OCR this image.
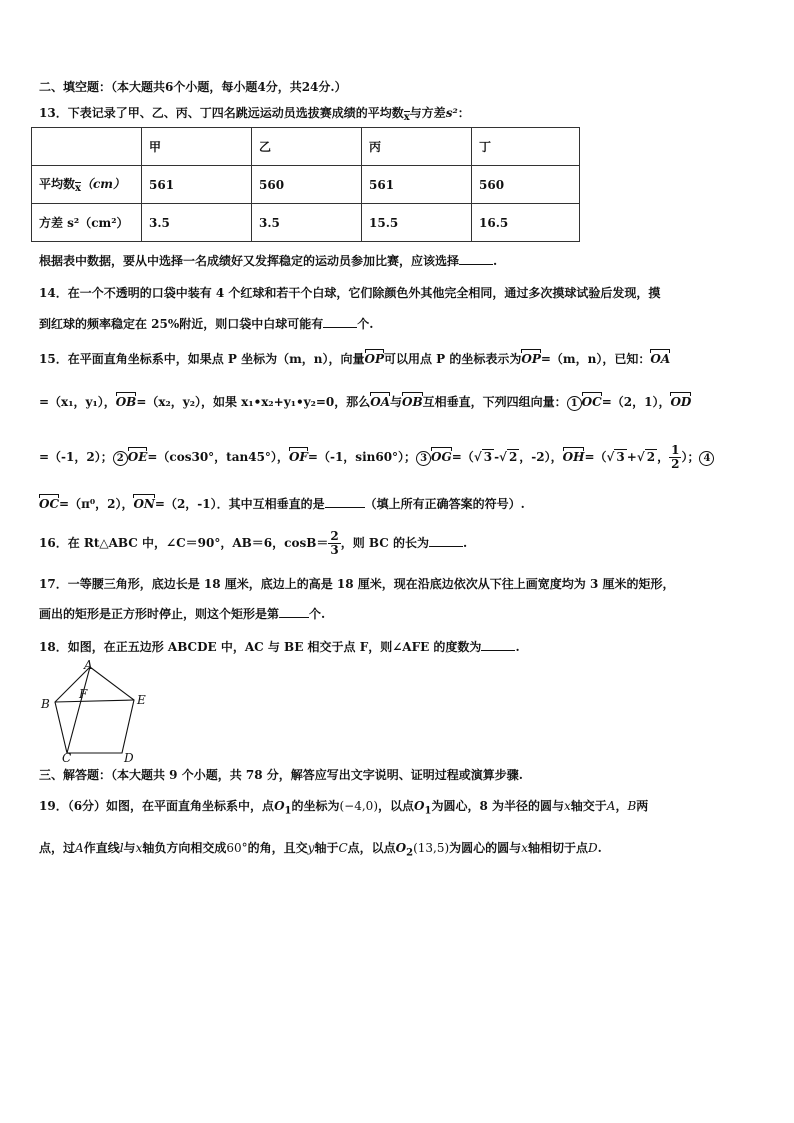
二、填空题：（本大题共6个小题，每小题4分，共24分.）
13．下表记录了甲、乙、丙、丁四名跳远运动员选拔赛成绩的平均数x与方差s²：
	甲	乙	丙	丁
平均数x（cm）	561	560	561	560
方差 s²（cm²）	3.5	3.5	15.5	16.5
根据表中数据，要从中选择一名成绩好又发挥稳定的运动员参加比赛，应该选择	.
14．在一个不透明的口袋中装有 4 个红球和若干个白球，它们除颜色外其他完全相同，通过多次摸球试验后发现，摸
到红球的频率稳定在 25%附近，则口袋中白球可能有	个.
15．在平面直角坐标系中，如果点 P 坐标为（m，n），向量OP可以用点 P 的坐标表示为OP=（m，n），已知：OA
=（x₁，y₁），OB=（x₂，y₂），如果 x₁•x₂+y₁•y₂=0，那么OA与OB互相垂直，下列四组向量： 1 OC=（2，1），OD
=（-1，2）； 2 OE=（cos30°，tan45°），OF=（-1，sin60°）； 3 OG=（√ 3 -√ 2 ，-2），OH=（√ 3 +√ 2 ， $\frac{1}{2}$ ）； 4
OC=（π⁰，2），ON=（2，-1）．其中互相垂直的是	（填上所有正确答案的符号）.
16．在 Rt△ABC 中，∠C＝90°，AB＝6，$\cos B= \frac{2}{3}$ ，则 BC 的长为	.
17．一等腰三角形，底边长是 18 厘米，底边上的高是 18 厘米，现在沿底边依次从下往上画宽度均为 3 厘米的矩形，
画出的矩形是正方形时停止，则这个矩形是第	个.
18．如图，在正五边形 ABCDE 中，AC 与 BE 相交于点 F，则∠AFE 的度数为	.
A
B
C	D
E
F
三、解答题：（本大题共 9 个小题，共 78 分，解答应写出文字说明、证明过程或演算步骤.
19．（6分）如图，在平面直角坐标系中，点$O_1$的坐标为(−4,0)，以点$O_1$为圆心，8 为半径的圆与x轴交于A，B两
点，过A作直线l与x轴负方向相交成60°的角，且交y轴于C点，以点$O_2(13,5)$为圆心的圆与x轴相切于点D.
